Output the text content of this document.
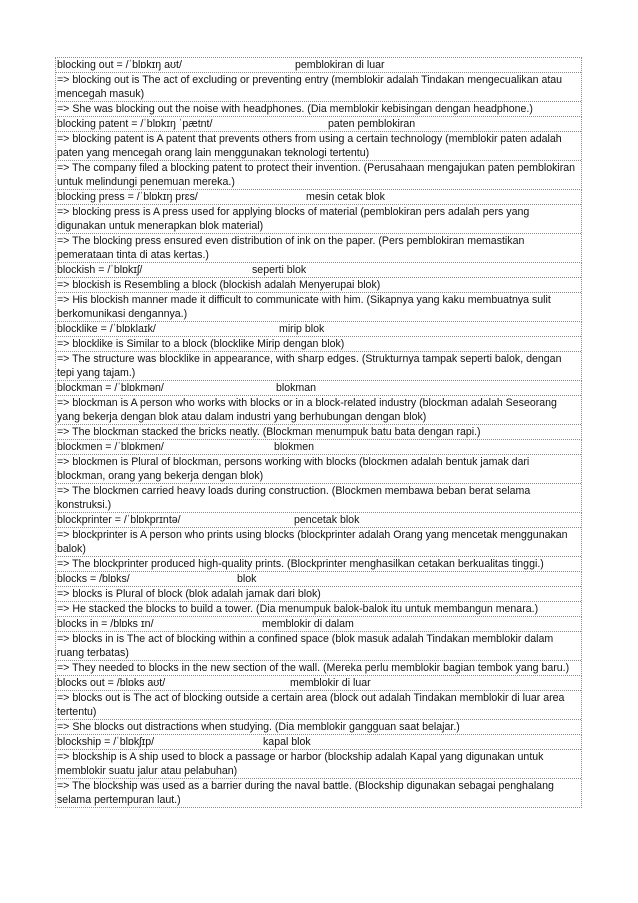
blocking out = /ˈblɒkɪŋ aʊt/	pemblokiran di luar
=> blocking out is The act of excluding or preventing entry (memblokir adalah Tindakan mengecualikan atau mencegah masuk)
=> She was blocking out the noise with headphones. (Dia memblokir kebisingan dengan headphone.)
blocking patent = /ˈblɒkɪŋ ˈpætnt/	paten pemblokiran
=> blocking patent is A patent that prevents others from using a certain technology (memblokir paten adalah paten yang mencegah orang lain menggunakan teknologi tertentu)
=> The company filed a blocking patent to protect their invention. (Perusahaan mengajukan paten pemblokiran untuk melindungi penemuan mereka.)
blocking press = /ˈblɒkɪŋ prɛs/	mesin cetak blok
=> blocking press is A press used for applying blocks of material (pemblokiran pers adalah pers yang digunakan untuk menerapkan blok material)
=> The blocking press ensured even distribution of ink on the paper. (Pers pemblokiran memastikan pemerataan tinta di atas kertas.)
blockish = /ˈblɒkɪʃ/	seperti blok
=> blockish is Resembling a block (blockish adalah Menyerupai blok)
=> His blockish manner made it difficult to communicate with him. (Sikapnya yang kaku membuatnya sulit berkomunikasi dengannya.)
blocklike = /ˈblɒklaɪk/	mirip blok
=> blocklike is Similar to a block (blocklike Mirip dengan blok)
=> The structure was blocklike in appearance, with sharp edges. (Strukturnya tampak seperti balok, dengan tepi yang tajam.)
blockman = /ˈblɒkmən/	blokman
=> blockman is A person who works with blocks or in a block-related industry (blockman adalah Seseorang yang bekerja dengan blok atau dalam industri yang berhubungan dengan blok)
=> The blockman stacked the bricks neatly. (Blockman menumpuk batu bata dengan rapi.)
blockmen = /ˈblɒkmen/	blokmen
=> blockmen is Plural of blockman, persons working with blocks (blockmen adalah bentuk jamak dari blockman, orang yang bekerja dengan blok)
=> The blockmen carried heavy loads during construction. (Blockmen membawa beban berat selama konstruksi.)
blockprinter = /ˈblɒkprɪntə/	pencetak blok
=> blockprinter is A person who prints using blocks (blockprinter adalah Orang yang mencetak menggunakan balok)
=> The blockprinter produced high-quality prints. (Blockprinter menghasilkan cetakan berkualitas tinggi.)
blocks = /blɒks/	blok
=> blocks is Plural of block (blok adalah jamak dari blok)
=> He stacked the blocks to build a tower. (Dia menumpuk balok-balok itu untuk membangun menara.)
blocks in = /blɒks ɪn/	memblokir di dalam
=> blocks in is The act of blocking within a confined space (blok masuk adalah Tindakan memblokir dalam ruang terbatas)
=> They needed to blocks in the new section of the wall. (Mereka perlu memblokir bagian tembok yang baru.)
blocks out = /blɒks aʊt/	memblokir di luar
=> blocks out is The act of blocking outside a certain area (block out adalah Tindakan memblokir di luar area tertentu)
=> She blocks out distractions when studying. (Dia memblokir gangguan saat belajar.)
blockship = /ˈblɒkʃɪp/	kapal blok
=> blockship is A ship used to block a passage or harbor (blockship adalah Kapal yang digunakan untuk memblokir suatu jalur atau pelabuhan)
=> The blockship was used as a barrier during the naval battle. (Blockship digunakan sebagai penghalang selama pertempuran laut.)
